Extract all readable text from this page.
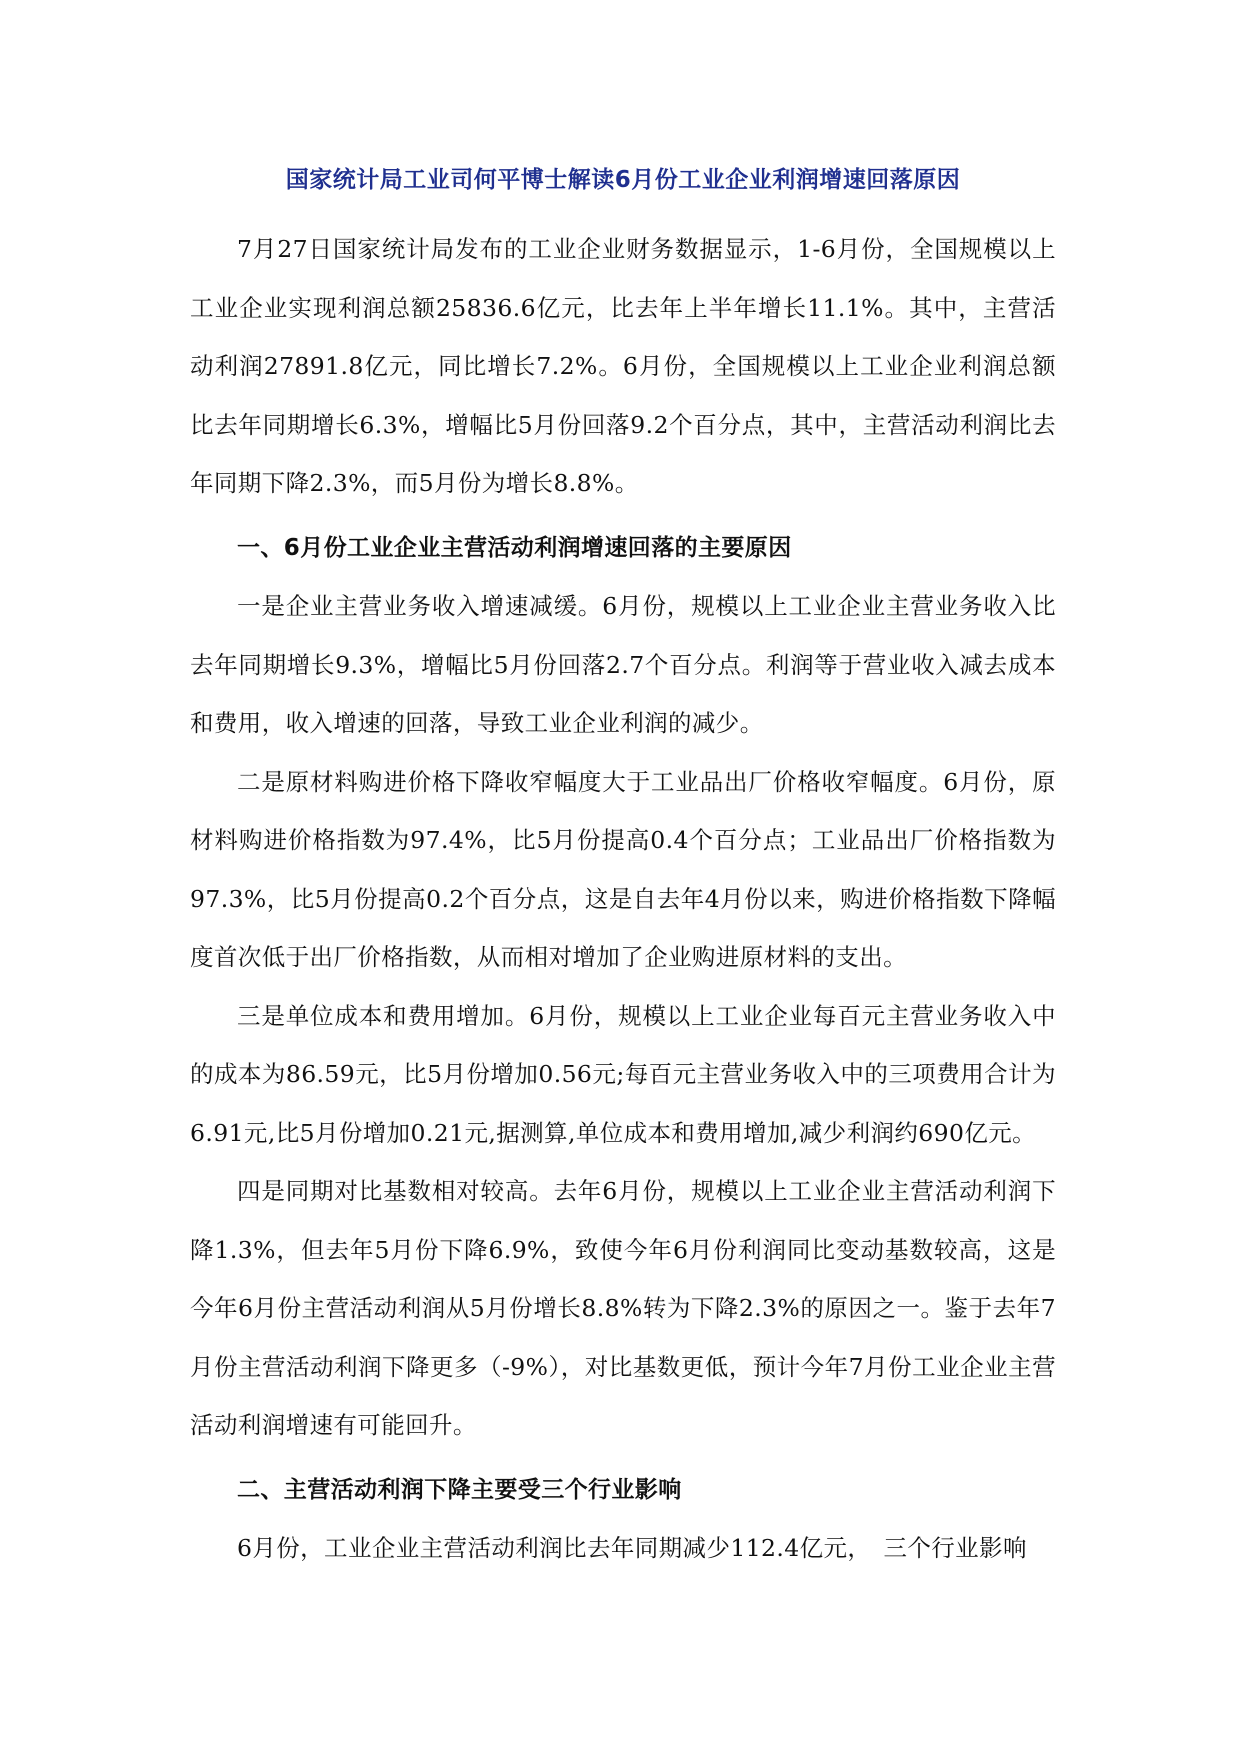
国家统计局工业司何平博士解读6月份工业企业利润增速回落原因

7月27日国家统计局发布的工业企业财务数据显示，1-6月份，全国规模以上工业企业实现利润总额25836.6亿元，比去年上半年增长11.1%。其中，主营活动利润27891.8亿元，同比增长7.2%。6月份，全国规模以上工业企业利润总额比去年同期增长6.3%，增幅比5月份回落9.2个百分点，其中，主营活动利润比去年同期下降2.3%，而5月份为增长8.8%。

一、6月份工业企业主营活动利润增速回落的主要原因

一是企业主营业务收入增速减缓。6月份，规模以上工业企业主营业务收入比去年同期增长9.3%，增幅比5月份回落2.7个百分点。利润等于营业收入减去成本和费用，收入增速的回落，导致工业企业利润的减少。

二是原材料购进价格下降收窄幅度大于工业品出厂价格收窄幅度。6月份，原材料购进价格指数为97.4%，比5月份提高0.4个百分点；工业品出厂价格指数为97.3%，比5月份提高0.2个百分点，这是自去年4月份以来，购进价格指数下降幅度首次低于出厂价格指数，从而相对增加了企业购进原材料的支出。

三是单位成本和费用增加。6月份，规模以上工业企业每百元主营业务收入中的成本为86.59元，比5月份增加0.56元;每百元主营业务收入中的三项费用合计为6.91元,比5月份增加0.21元,据测算,单位成本和费用增加,减少利润约690亿元。

四是同期对比基数相对较高。去年6月份，规模以上工业企业主营活动利润下降1.3%，但去年5月份下降6.9%，致使今年6月份利润同比变动基数较高，这是今年6月份主营活动利润从5月份增长8.8%转为下降2.3%的原因之一。鉴于去年7月份主营活动利润下降更多（-9%），对比基数更低，预计今年7月份工业企业主营活动利润增速有可能回升。

二、主营活动利润下降主要受三个行业影响

6月份，工业企业主营活动利润比去年同期减少112.4亿元，　三个行业影响
